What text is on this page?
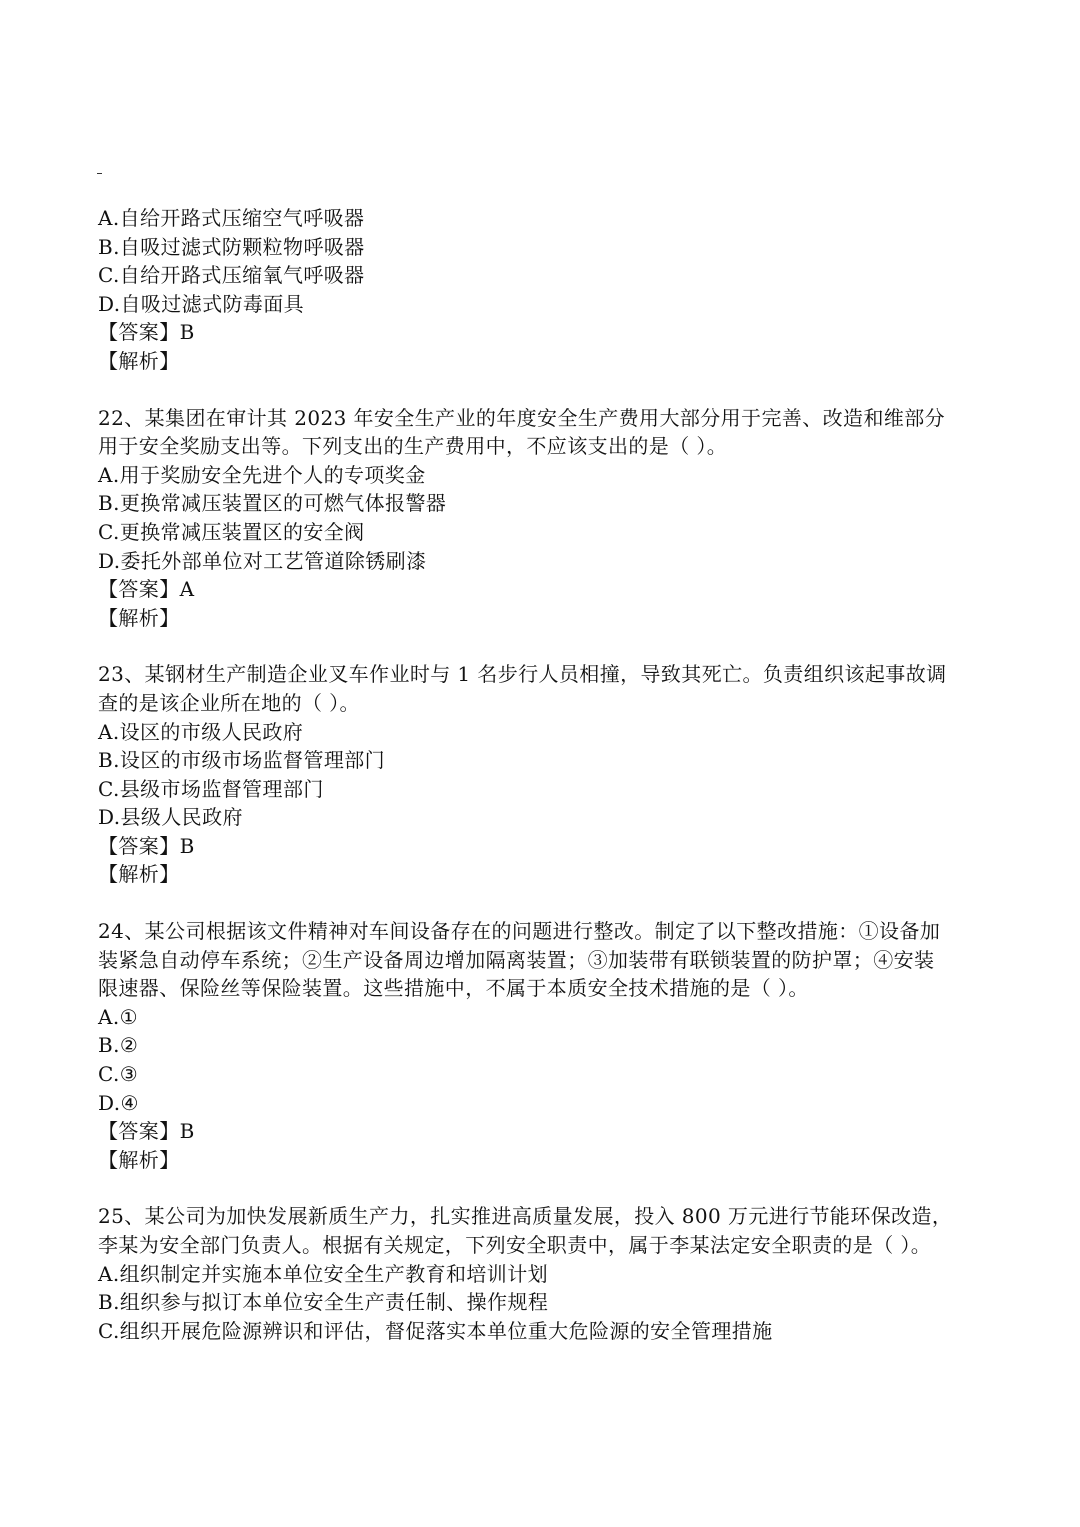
A.自给开路式压缩空气呼吸器
B.自吸过滤式防颗粒物呼吸器
C.自给开路式压缩氧气呼吸器
D.自吸过滤式防毒面具
【答案】B
【解析】
22、某集团在审计其 2023 年安全生产业的年度安全生产费用大部分用于完善、改造和维部分
用于安全奖励支出等。下列支出的生产费用中，不应该支出的是（ ）。
A.用于奖励安全先进个人的专项奖金
B.更换常减压装置区的可燃气体报警器
C.更换常减压装置区的安全阀
D.委托外部单位对工艺管道除锈刷漆
【答案】A
【解析】
23、某钢材生产制造企业叉车作业时与 1 名步行人员相撞，导致其死亡。负责组织该起事故调
查的是该企业所在地的（ ）。
A.设区的市级人民政府
B.设区的市级市场监督管理部门
C.县级市场监督管理部门
D.县级人民政府
【答案】B
【解析】
24、某公司根据该文件精神对车间设备存在的问题进行整改。制定了以下整改措施：①设备加
装紧急自动停车系统；②生产设备周边增加隔离装置；③加装带有联锁装置的防护罩；④安装
限速器、保险丝等保险装置。这些措施中，不属于本质安全技术措施的是（ ）。
A.①
B.②
C.③
D.④
【答案】B
【解析】
25、某公司为加快发展新质生产力，扎实推进高质量发展，投入 800 万元进行节能环保改造，
李某为安全部门负责人。根据有关规定，下列安全职责中，属于李某法定安全职责的是（ ）。
A.组织制定并实施本单位安全生产教育和培训计划
B.组织参与拟订本单位安全生产责任制、操作规程
C.组织开展危险源辨识和评估，督促落实本单位重大危险源的安全管理措施
